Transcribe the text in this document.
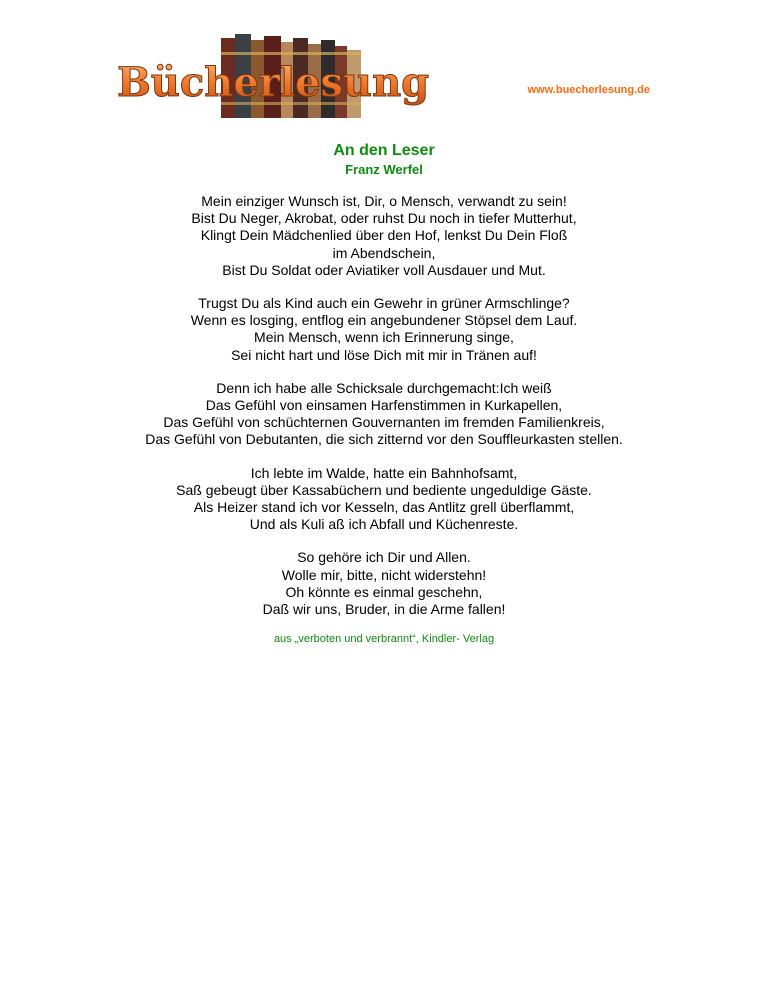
Bücherlesung	www.buecherlesung.de

An den Leser

Franz Werfel

Mein einziger Wunsch ist, Dir, o Mensch, verwandt zu sein!
Bist Du Neger, Akrobat, oder ruhst Du noch in tiefer Mutterhut,
Klingt Dein Mädchenlied über den Hof, lenkst Du Dein Floß
im Abendschein,
Bist Du Soldat oder Aviatiker voll Ausdauer und Mut.
Trugst Du als Kind auch ein Gewehr in grüner Armschlinge?
Wenn es losging, entflog ein angebundener Stöpsel dem Lauf.
Mein Mensch, wenn ich Erinnerung singe,
Sei nicht hart und löse Dich mit mir in Tränen auf!
Denn ich habe alle Schicksale durchgemacht:Ich weiß
Das Gefühl von einsamen Harfenstimmen in Kurkapellen,
Das Gefühl von schüchternen Gouvernanten im fremden Familienkreis,
Das Gefühl von Debutanten, die sich zitternd vor den Souffleurkasten stellen.
Ich lebte im Walde, hatte ein Bahnhofsamt,
Saß gebeugt über Kassabüchern und bediente ungeduldige Gäste.
Als Heizer stand ich vor Kesseln, das Antlitz grell überflammt,
Und als Kuli aß ich Abfall und Küchenreste.
So gehöre ich Dir und Allen.
Wolle mir, bitte, nicht widerstehn!
Oh könnte es einmal geschehn,
Daß wir uns, Bruder, in die Arme fallen!
aus „verboten und verbrannt“, Kindler- Verlag
